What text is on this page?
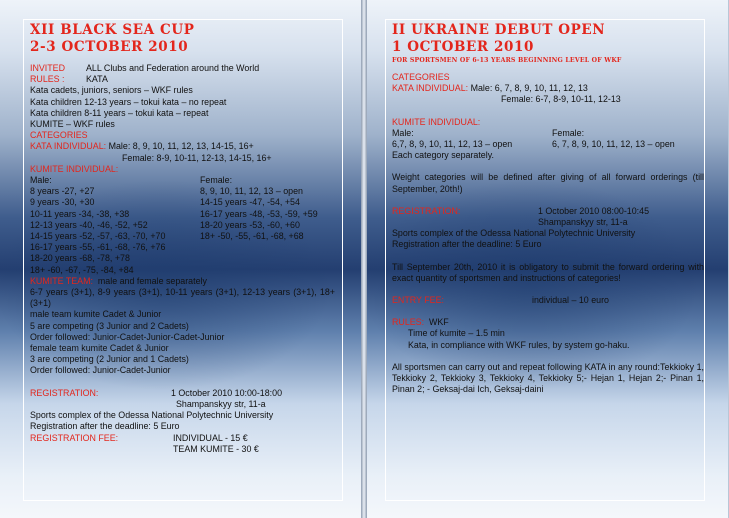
XII BLACK SEA CUP
2-3 OCTOBER 2010
INVITED ALL Clubs and Federation around the World
RULES : KATA
Kata cadets, juniors, seniors – WKF rules
Kata children 12-13 years – tokui kata – no repeat
Kata children 8-11 years – tokui kata – repeat
KUMITE – WKF rules
CATEGORIES
KATA INDIVIDUAL: Male: 8, 9, 10, 11, 12, 13, 14-15, 16+
Female: 8-9, 10-11, 12-13, 14-15, 16+
KUMITE INDIVIDUAL:
Male:	Female:
8 years -27, +27	8, 9, 10, 11, 12, 13 – open
9 years -30, +30	14-15 years -47, -54, +54
10-11 years -34, -38, +38	16-17 years -48, -53, -59, +59
12-13 years -40, -46, -52, +52	18-20 years -53, -60, +60
14-15 years -52, -57, -63, -70, +70	18+ -50, -55, -61, -68, +68
16-17 years -55, -61, -68, -76, +76
18-20 years -68, -78, +78
18+ -60, -67, -75, -84, +84
KUMITE TEAM: male and female separately
6-7 years (3+1), 8-9 years (3+1), 10-11 years (3+1), 12-13 years (3+1), 18+ (3+1)
male team kumite Cadet & Junior
5 are competing (3 Junior and 2 Cadets)
Order followed: Junior-Cadet-Junior-Cadet-Junior
female team kumite Cadet & Junior
3 are competing (2 Junior and 1 Cadets)
Order followed: Junior-Cadet-Junior
REGISTRATION:	1 October 2010 10:00-18:00
Shampanskyy str, 11-a
Sports complex of the Odessa National Polytechnic University
Registration after the deadline: 5 Euro
REGISTRATION FEE:	INDIVIDUAL - 15 €
TEAM KUMITE - 30 €
II UKRAINE DEBUT OPEN
1 OCTOBER 2010
FOR SPORTSMEN OF 6-13 YEARS BEGINNING LEVEL OF WKF
CATEGORIES
KATA INDIVIDUAL: Male: 6, 7, 8, 9, 10, 11, 12, 13
Female: 6-7, 8-9, 10-11, 12-13
KUMITE INDIVIDUAL:
Male:	Female:
6,7, 8, 9, 10, 11, 12, 13 – open	6, 7, 8, 9, 10, 11, 12, 13 – open
Each category separately.
Weight categories will be defined after giving of all forward orderings (till September, 20th!)
REGISTRATION:	1 October 2010 08:00-10:45
Shampanskyy str, 11-a
Sports complex of the Odessa National Polytechnic University
Registration after the deadline: 5 Euro
Till September 20th, 2010 it is obligatory to submit the forward ordering with exact quantity of sportsmen and instructions of categories!
ENTRY FEE:	individual – 10 euro
RULES: WKF
Time of kumite – 1.5 min
Kata, in compliance with WKF rules, by system go-haku.
All sportsmen can carry out and repeat following KATA in any round:Tekkioky 1, Tekkioky 2, Tekkioky 3, Tekkioky 4, Tekkioky 5;- Hejan 1, Hejan 2;- Pinan 1, Pinan 2; - Geksaj-dai Ich, Geksaj-daini
